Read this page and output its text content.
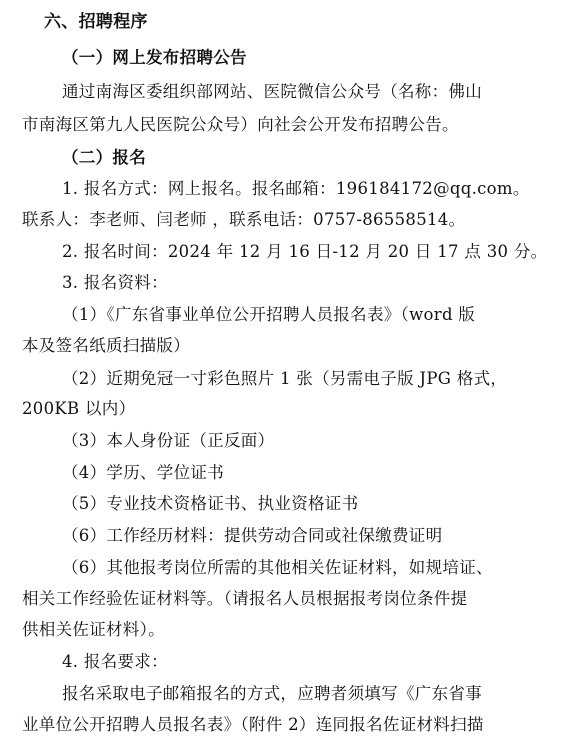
六、招聘程序
（一）网上发布招聘公告
通过南海区委组织部网站、医院微信公众号（名称：佛山
市南海区第九人民医院公众号）向社会公开发布招聘公告。
（二）报名
1. 报名方式：网上报名。报名邮箱：196184172@qq.com。
联系人：李老师、闫老师 ，联系电话：0757-86558514。
2. 报名时间：2024 年 12 月 16 日-12 月 20 日 17 点 30 分。
3. 报名资料：
（1）《广东省事业单位公开招聘人员报名表》（word 版
本及签名纸质扫描版）
（2）近期免冠一寸彩色照片 1 张（另需电子版 JPG 格式，
200KB 以内）
（3）本人身份证（正反面）
（4）学历、学位证书
（5）专业技术资格证书、执业资格证书
（6）工作经历材料：提供劳动合同或社保缴费证明
（6）其他报考岗位所需的其他相关佐证材料，如规培证、
相关工作经验佐证材料等。（请报名人员根据报考岗位条件提
供相关佐证材料）。
4. 报名要求：
报名采取电子邮箱报名的方式，应聘者须填写《广东省事
业单位公开招聘人员报名表》（附件 2）连同报名佐证材料扫描
